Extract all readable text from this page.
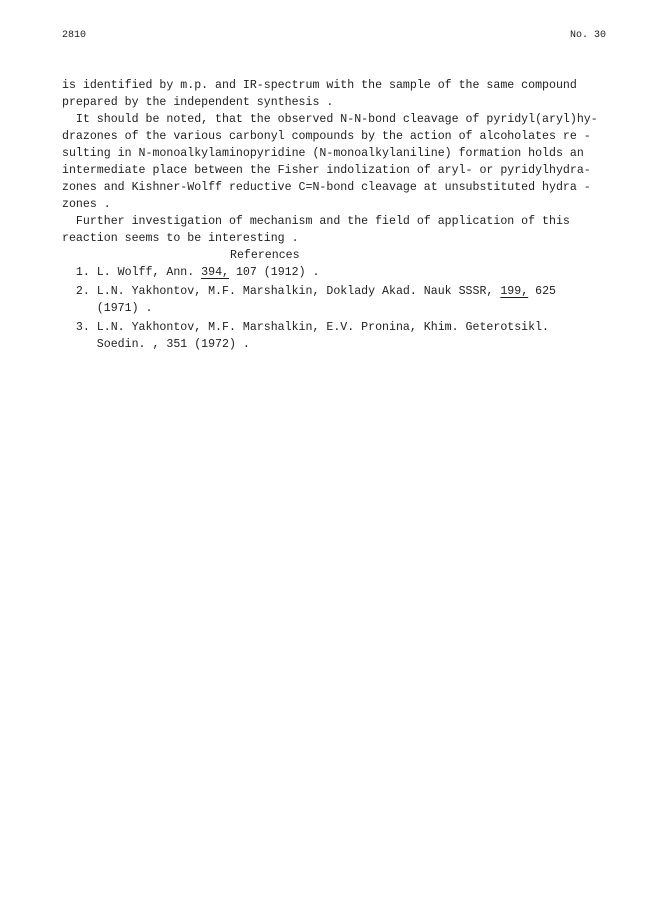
2810	No. 30
is identified by m.p. and IR-spectrum with the sample of the same compound
prepared by the independent synthesis .
It should be noted, that the observed N-N-bond cleavage of pyridyl(aryl)hy-
drazones of the various carbonyl compounds by the action of alcoholates re -
sulting in N-monoalkylaminopyridine (N-monoalkylaniline) formation holds an
intermediate place between the Fisher indolization of aryl- or pyridylhydra-
zones and Kishner-Wolff reductive C=N-bond cleavage at unsubstituted hydra -
zones .
Further investigation of mechanism and the field of application of this
reaction seems to be interesting .
References
1. L. Wolff, Ann. 394, 107 (1912) .
2. L.N. Yakhontov, M.F. Marshalkin, Doklady Akad. Nauk SSSR, 199, 625
(1971) .
3. L.N. Yakhontov, M.F. Marshalkin, E.V. Pronina, Khim. Geterotsikl.
Soedin. , 351 (1972) .
